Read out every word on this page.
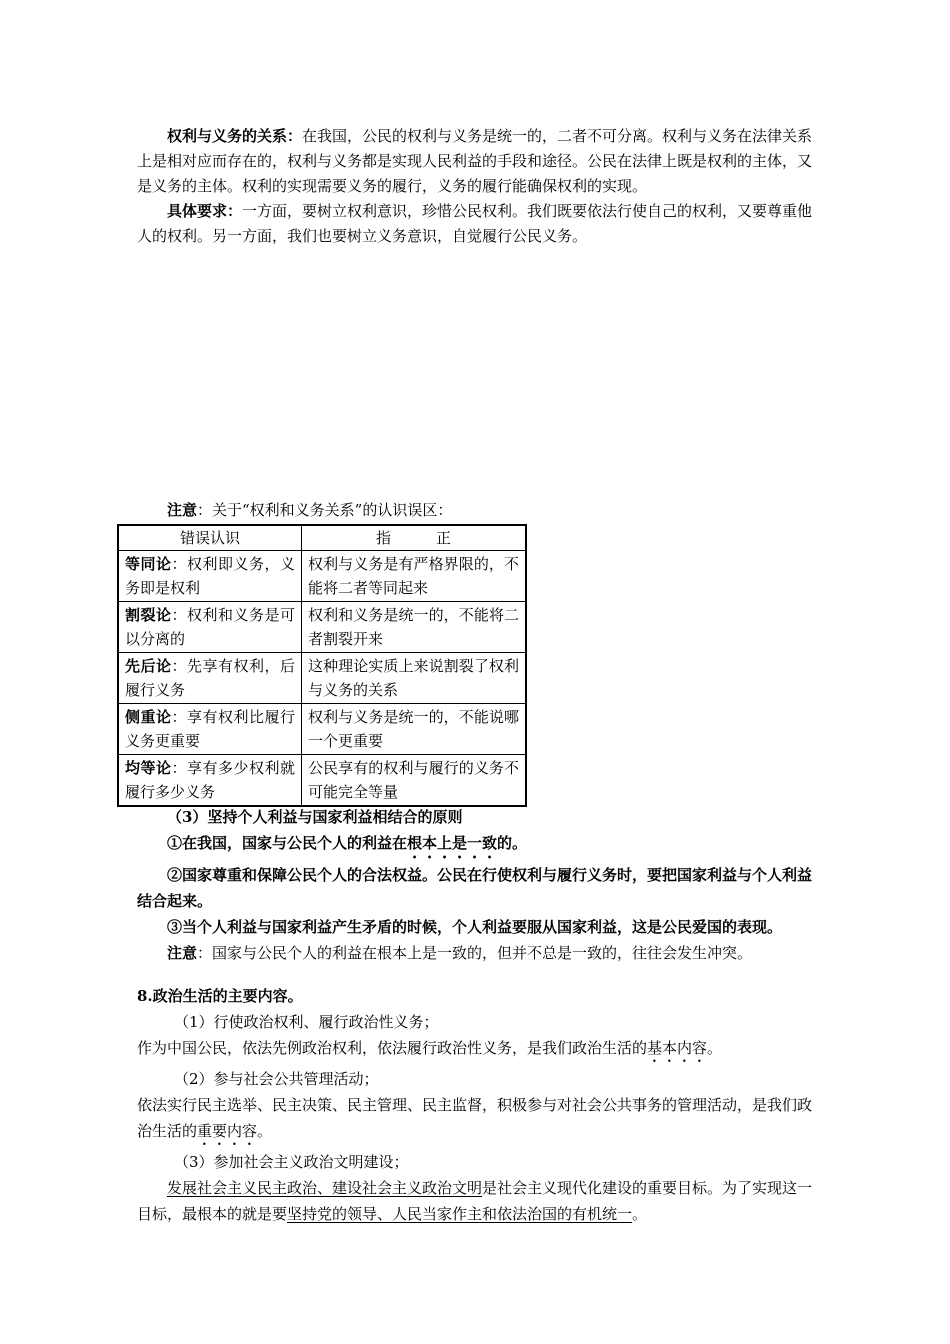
权利与义务的关系：在我国，公民的权利与义务是统一的，二者不可分离。权利与义务在法律关系上是相对应而存在的，权利与义务都是实现人民利益的手段和途径。公民在法律上既是权利的主体，又是义务的主体。权利的实现需要义务的履行，义务的履行能确保权利的实现。

具体要求：一方面，要树立权利意识，珍惜公民权利。我们既要依法行使自己的权利，又要尊重他人的权利。另一方面，我们也要树立义务意识，自觉履行公民义务。

注意：关于“权利和义务关系”的认识误区：

错误认识	指　　　正
等同论：权利即义务，义务即是权利	权利与义务是有严格界限的，不能将二者等同起来
割裂论：权利和义务是可以分离的	权利和义务是统一的，不能将二者割裂开来
先后论：先享有权利，后履行义务	这种理论实质上来说割裂了权利与义务的关系
侧重论：享有权利比履行义务更重要	权利与义务是统一的，不能说哪一个更重要
均等论：享有多少权利就履行多少义务	公民享有的权利与履行的义务不可能完全等量

（3）坚持个人利益与国家利益相结合的原则

①在我国，国家与公民个人的利益在根本上是一致的。

②国家尊重和保障公民个人的合法权益。公民在行使权利与履行义务时，要把国家利益与个人利益结合起来。

③当个人利益与国家利益产生矛盾的时候，个人利益要服从国家利益，这是公民爱国的表现。

注意：国家与公民个人的利益在根本上是一致的，但并不总是一致的，往往会发生冲突。

8.政治生活的主要内容。

（1）行使政治权利、履行政治性义务；

作为中国公民，依法先例政治权利，依法履行政治性义务，是我们政治生活的基本内容。

（2）参与社会公共管理活动；

依法实行民主选举、民主决策、民主管理、民主监督，积极参与对社会公共事务的管理活动，是我们政治生活的重要内容。

（3）参加社会主义政治文明建设；

发展社会主义民主政治、建设社会主义政治文明是社会主义现代化建设的重要目标。为了实现这一目标，最根本的就是要坚持党的领导、人民当家作主和依法治国的有机统一。
